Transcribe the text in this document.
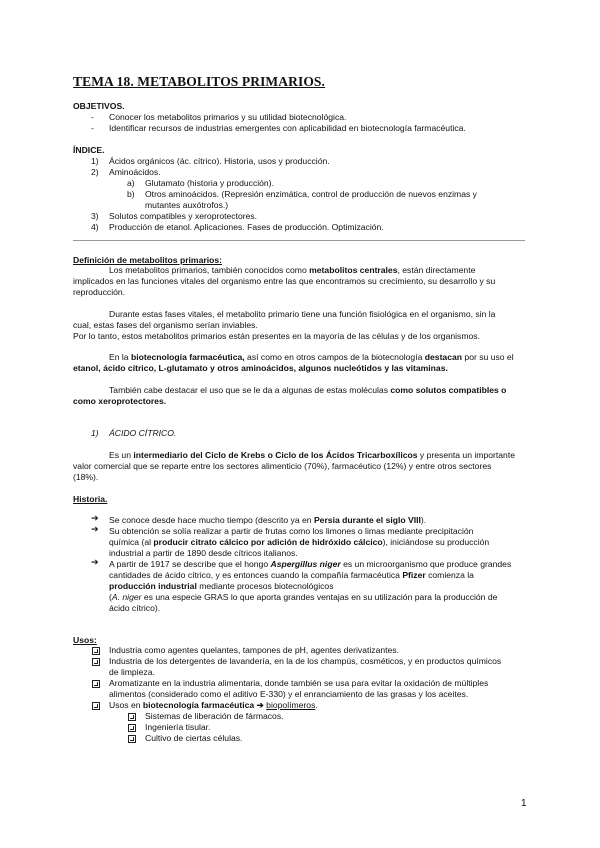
TEMA 18. METABOLITOS PRIMARIOS.
OBJETIVOS.
- Conocer los metabolitos primarios y su utilidad biotecnológica.
- Identificar recursos de industrias emergentes con aplicabilidad en biotecnología farmacéutica.
ÍNDICE.
1) Ácidos orgánicos (ác. cítrico). Historia, usos y producción.
2) Aminoácidos.
a) Glutamato (historia y producción).
b) Otros aminoácidos. (Represión enzimática, control de producción de nuevos enzimas y
mutantes auxótrofos.)
3) Solutos compatibles y xeroprotectores.
4) Producción de etanol. Aplicaciones. Fases de producción. Optimización.
Definición de metabolitos primarios:
Los metabolitos primarios, también conocidos como metabolitos centrales, están directamente
implicados en las funciones vitales del organismo entre las que encontramos su crecimiento, su desarrollo y su
reproducción.
Durante estas fases vitales, el metabolito primario tiene una función fisiológica en el organismo, sin la
cual, estas fases del organismo serían inviables.
Por lo tanto, estos metabolitos primarios están presentes en la mayoría de las células y de los organismos.
En la biotecnología farmacéutica, así como en otros campos de la biotecnología destacan por su uso el
etanol, ácido cítrico, L-glutamato y otros aminoácidos, algunos nucleótidos y las vitaminas.
También cabe destacar el uso que se le da a algunas de estas moléculas como solutos compatibles o
como xeroprotectores.
1) ÁCIDO CÍTRICO.
Es un intermediario del Ciclo de Krebs o Ciclo de los Ácidos Tricarboxílicos y presenta un importante
valor comercial que se reparte entre los sectores alimenticio (70%), farmacéutico (12%) y entre otros sectores
(18%).
Historia.
➔ Se conoce desde hace mucho tiempo (descrito ya en Persia durante el siglo VIII).
➔ Su obtención se solía realizar a partir de frutas como los limones o limas mediante precipitación
química (al producir citrato cálcico por adición de hidróxido cálcico), iniciándose su producción
industrial a partir de 1890 desde cítricos italianos.
➔ A partir de 1917 se describe que el hongo Aspergillus niger es un microorganismo que produce grandes
cantidades de ácido cítrico, y es entonces cuando la compañía farmacéutica Pfizer comienza la
producción industrial mediante procesos biotecnológicos
(A. niger es una especie GRAS lo que aporta grandes ventajas en su utilización para la producción de
ácido cítrico).
Usos:
Industria como agentes quelantes, tampones de pH, agentes derivatizantes.
Industria de los detergentes de lavandería, en la de los champús, cosméticos, y en productos químicos
de limpieza.
Aromatizante en la industria alimentaria, donde también se usa para evitar la oxidación de múltiples
alimentos (considerado como el aditivo E-330) y el enranciamiento de las grasas y los aceites.
Usos en biotecnología farmacéutica ➔ biopolímeros.
Sistemas de liberación de fármacos.
Ingeniería tisular.
Cultivo de ciertas células.
1
